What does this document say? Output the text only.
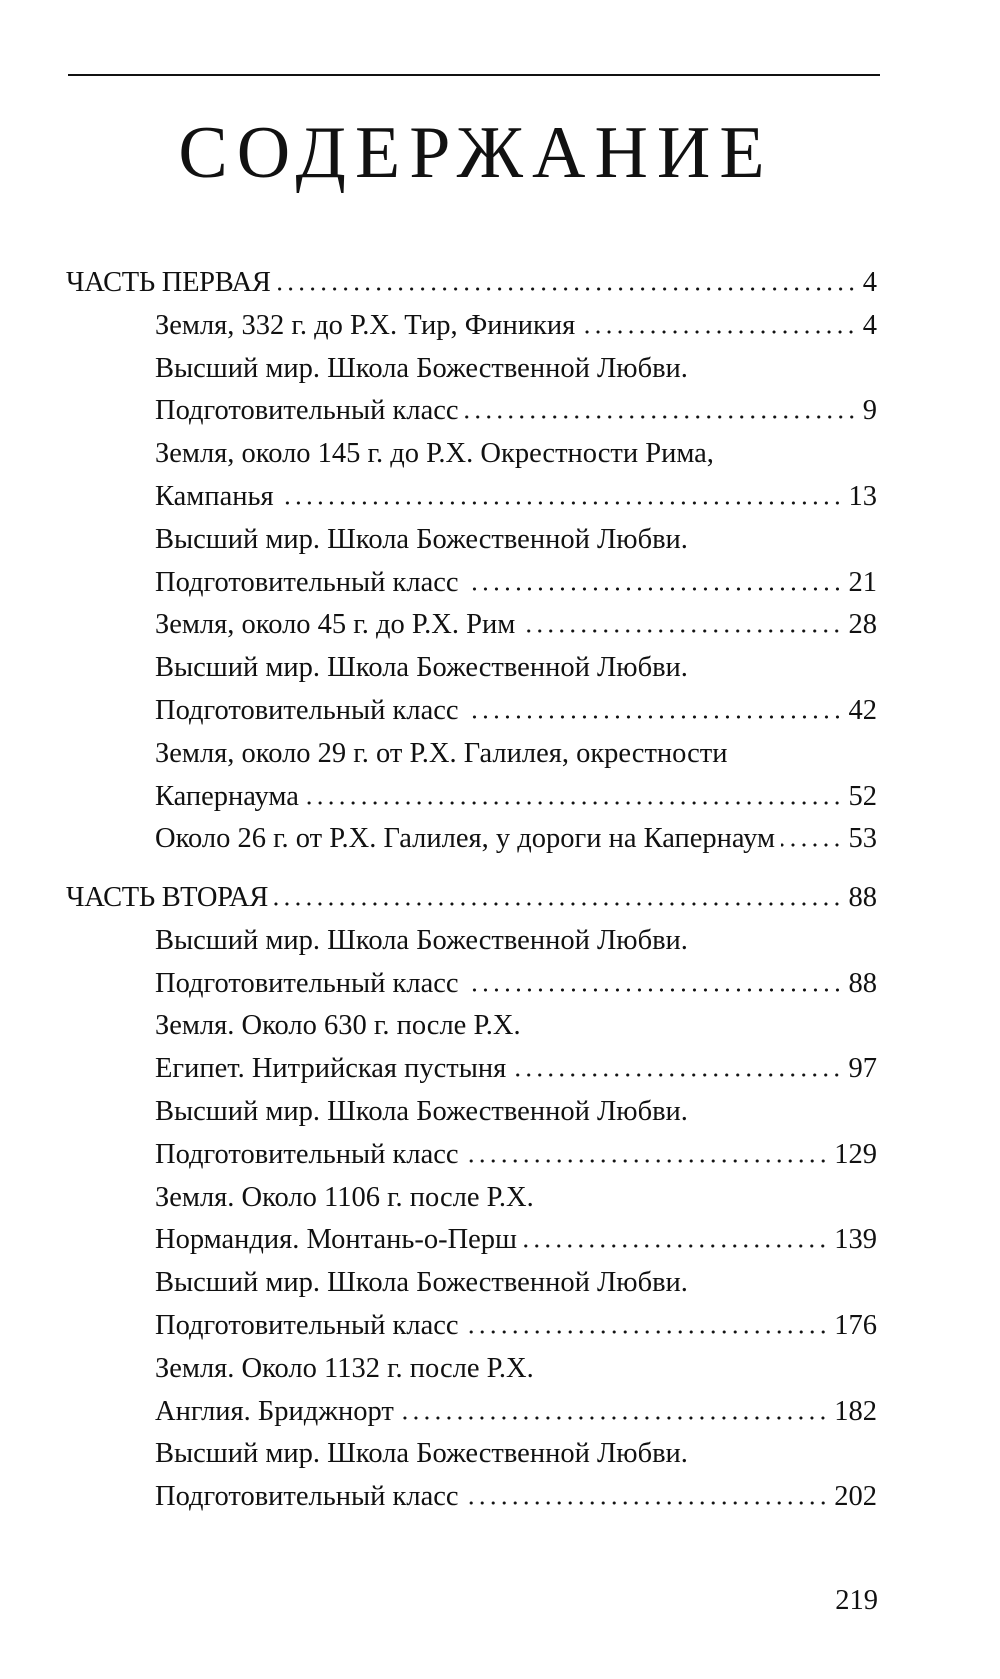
СОДЕРЖАНИЕ
ЧАСТЬ ПЕРВАЯ	4
Земля, 332 г. до Р.Х. Тир, Финикия	4
Высший мир. Школа Божественной Любви.
Подготовительный класс	9
Земля, около 145 г. до Р.Х. Окрестности Рима,
Кампанья	13
Высший мир. Школа Божественной Любви.
Подготовительный класс	21
Земля, около 45 г. до Р.Х. Рим	28
Высший мир. Школа Божественной Любви.
Подготовительный класс	42
Земля, около 29 г. от Р.Х. Галилея, окрестности
Капернаума	52
Около 26 г. от Р.Х. Галилея, у дороги на Капернаум	53
ЧАСТЬ ВТОРАЯ	88
Высший мир. Школа Божественной Любви.
Подготовительный класс	88
Земля. Около 630 г. после Р.Х.
Египет. Нитрийская пустыня	97
Высший мир. Школа Божественной Любви.
Подготовительный класс	129
Земля. Около 1106 г. после Р.Х.
Нормандия. Монтань-о-Перш	139
Высший мир. Школа Божественной Любви.
Подготовительный класс	176
Земля. Около 1132 г. после Р.Х.
Англия. Бриджнорт	182
Высший мир. Школа Божественной Любви.
Подготовительный класс	202
219
